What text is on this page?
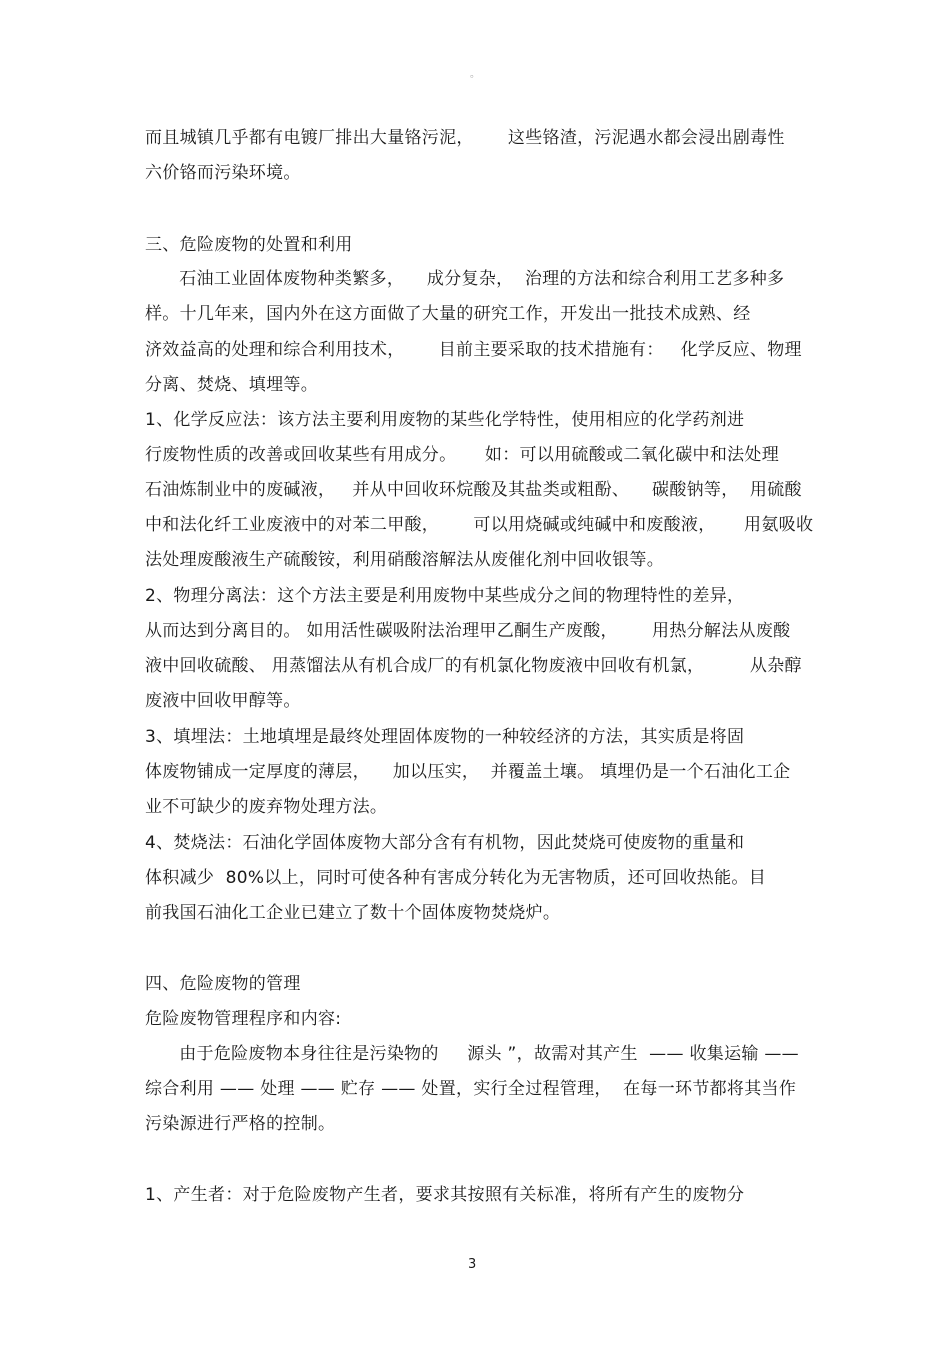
。
而且城镇几乎都有电镀厂排出大量铬污泥，      这些铬渣，污泥遇水都会浸出剧毒性
六价铬而污染环境。
三、危险废物的处置和利用
石油工业固体废物种类繁多，    成分复杂，  治理的方法和综合利用工艺多种多
样。十几年来，国内外在这方面做了大量的研究工作，开发出一批技术成熟、经
济效益高的处理和综合利用技术，      目前主要采取的技术措施有：   化学反应、物理
分离、焚烧、填埋等。
1、化学反应法：该方法主要利用废物的某些化学特性，使用相应的化学药剂进
行废物性质的改善或回收某些有用成分。     如：可以用硫酸或二氧化碳中和法处理
石油炼制业中的废碱液，   并从中回收环烷酸及其盐类或粗酚、    碳酸钠等，  用硫酸
中和法化纤工业废液中的对苯二甲酸，      可以用烧碱或纯碱中和废酸液，     用氨吸收
法处理废酸液生产硫酸铵，利用硝酸溶解法从废催化剂中回收银等。
2、物理分离法：这个方法主要是利用废物中某些成分之间的物理特性的差异，
从而达到分离目的。 如用活性碳吸附法治理甲乙酮生产废酸，      用热分解法从废酸
液中回收硫酸、 用蒸馏法从有机合成厂的有机氯化物废液中回收有机氯，        从杂醇
废液中回收甲醇等。
3、填埋法：土地填埋是最终处理固体废物的一种较经济的方法，其实质是将固
体废物铺成一定厚度的薄层，    加以压实，  并覆盖土壤。 填埋仍是一个石油化工企
业不可缺少的废弃物处理方法。
4、焚烧法：石油化学固体废物大部分含有有机物，因此焚烧可使废物的重量和
体积减少  80%以上，同时可使各种有害成分转化为无害物质，还可回收热能。目
前我国石油化工企业已建立了数十个固体废物焚烧炉。
四、危险废物的管理
危险废物管理程序和内容:
由于危险废物本身往往是污染物的     源头 ”，故需对其产生  —— 收集运输 ——
综合利用 —— 处理 —— 贮存 —— 处置，实行全过程管理，  在每一环节都将其当作
污染源进行严格的控制。
1、产生者：对于危险废物产生者，要求其按照有关标准，将所有产生的废物分
3
